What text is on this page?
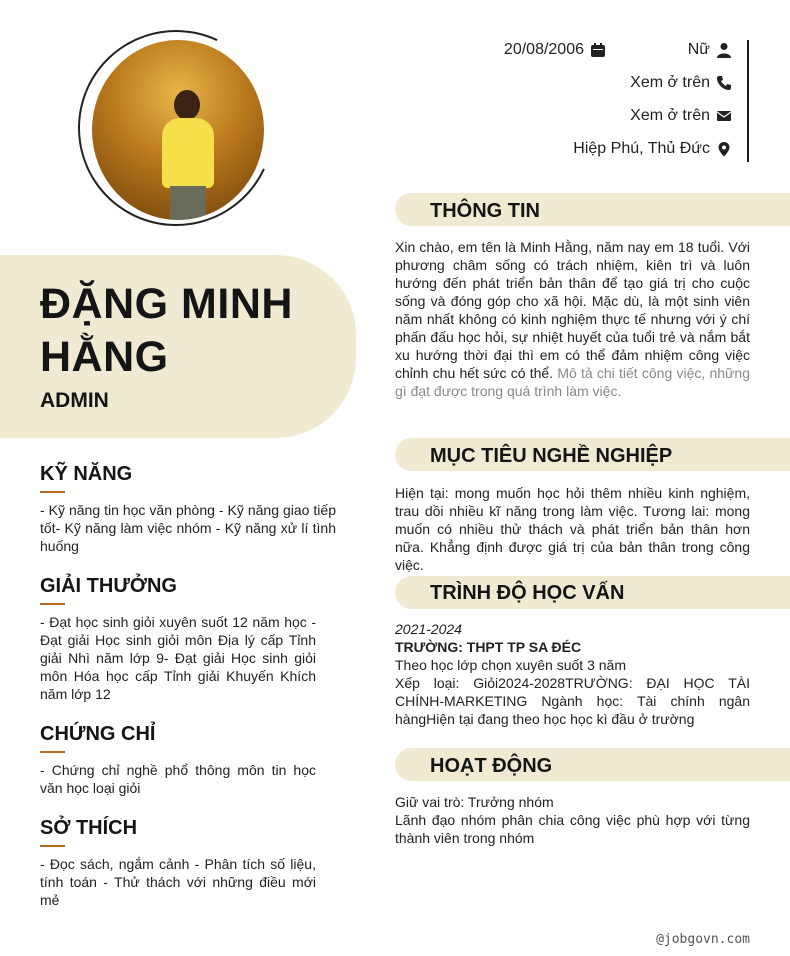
ĐẶNG MINH HẰNG
ADMIN
20/08/2006	Nữ
Xem ở trên
Xem ở trên
Hiệp Phú, Thủ Đức
KỸ NĂNG
- Kỹ năng tin học văn phòng - Kỹ năng giao tiếp tốt- Kỹ năng làm việc nhóm - Kỹ năng xử lí tình huống
GIẢI THƯỞNG
- Đạt học sinh giỏi xuyên suốt 12 năm học - Đạt giải Học sinh giỏi môn Địa lý cấp Tỉnh giải Nhì năm lớp 9- Đạt giải Học sinh giỏi môn Hóa học cấp Tỉnh giải Khuyến Khích năm lớp 12
CHỨNG CHỈ
- Chứng chỉ nghề phổ thông môn tin học văn học loại giỏi
SỞ THÍCH
- Đọc sách, ngắm cảnh - Phân tích số liệu, tính toán - Thử thách với những điều mới mẻ
THÔNG TIN
Xin chào, em tên là Minh Hằng, năm nay em 18 tuổi. Với phương châm sống có trách nhiệm, kiên trì và luôn hướng đến phát triển bản thân để tạo giá trị cho cuộc sống và đóng góp cho xã hội. Mặc dù, là một sinh viên năm nhất không có kinh nghiệm thực tế nhưng với ý chí phấn đấu học hỏi, sự nhiệt huyết của tuổi trẻ và nắm bắt xu hướng thời đại thì em có thể đảm nhiệm công việc chỉnh chu hết sức có thể. Mô tả chi tiết công việc, những gì đạt được trong quá trình làm việc.
MỤC TIÊU NGHỀ NGHIỆP
Hiện tại: mong muốn học hỏi thêm nhiều kinh nghiệm, trau dồi nhiều kĩ năng trong làm việc. Tương lai: mong muốn có nhiều thử thách và phát triển bản thân hơn nữa. Khẳng định được giá trị của bản thân trong công việc.
TRÌNH ĐỘ HỌC VẤN
2021-2024
TRƯỜNG: THPT TP SA ĐÉC
Theo học lớp chọn xuyên suốt 3 năm
Xếp loại: Giỏi2024-2028TRƯỜNG: ĐẠI HỌC TÀI CHÍNH-MARKETING Ngành học: Tài chính ngân hàngHiện tại đang theo học học kì đầu ở trường
HOẠT ĐỘNG
Giữ vai trò: Trưởng nhóm
Lãnh đạo nhóm phân chia công việc phù hợp với từng thành viên trong nhóm
@jobgovn.com
